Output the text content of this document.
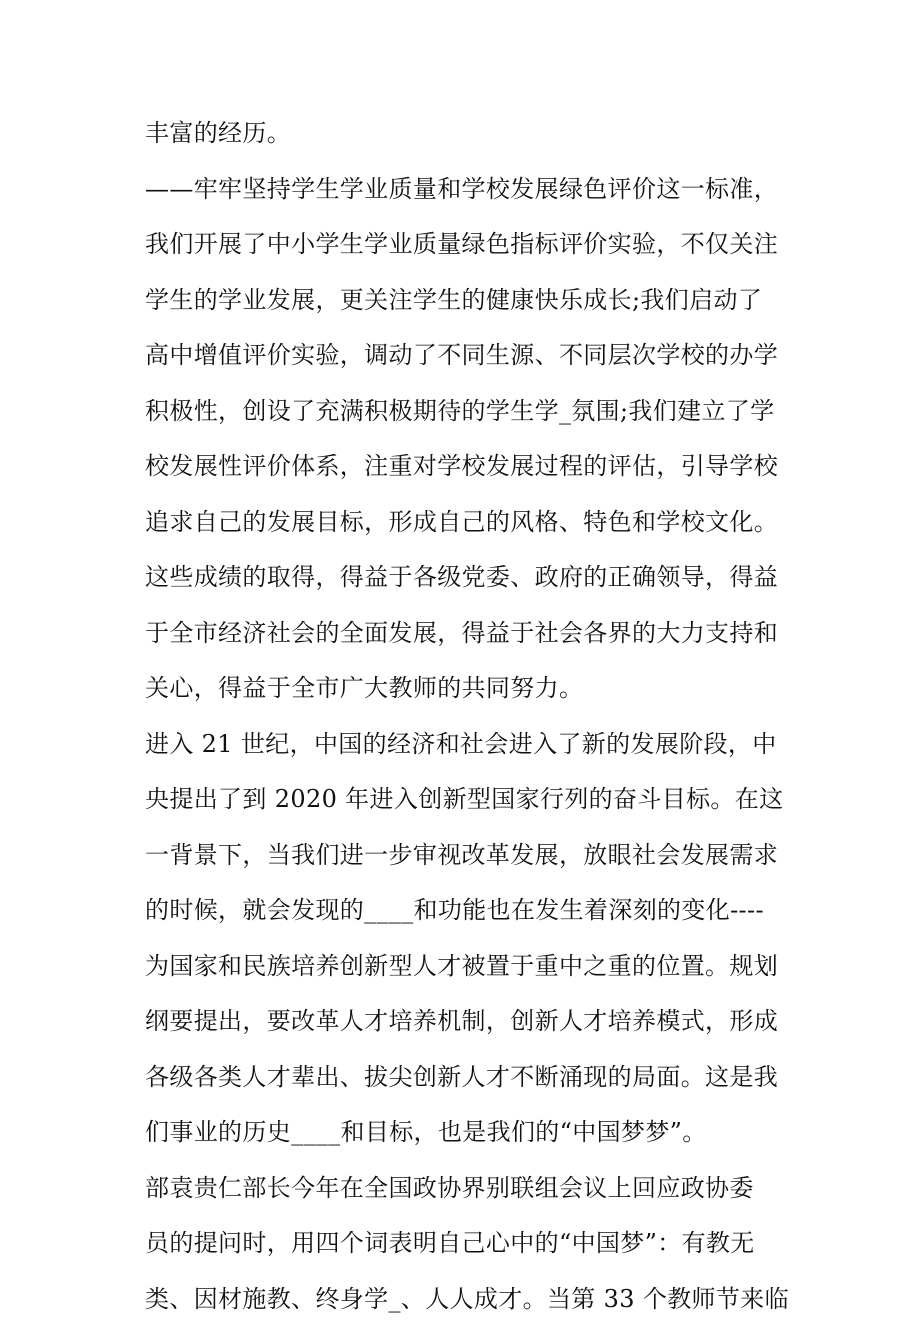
丰富的经历。
——牢牢坚持学生学业质量和学校发展绿色评价这一标准，
我们开展了中小学生学业质量绿色指标评价实验，不仅关注
学生的学业发展，更关注学生的健康快乐成长;我们启动了
高中增值评价实验，调动了不同生源、不同层次学校的办学
积极性，创设了充满积极期待的学生学_氛围;我们建立了学
校发展性评价体系，注重对学校发展过程的评估，引导学校
追求自己的发展目标，形成自己的风格、特色和学校文化。
这些成绩的取得，得益于各级党委、政府的正确领导，得益
于全市经济社会的全面发展，得益于社会各界的大力支持和
关心，得益于全市广大教师的共同努力。
进入 21 世纪，中国的经济和社会进入了新的发展阶段，中
央提出了到 2020 年进入创新型国家行列的奋斗目标。在这
一背景下，当我们进一步审视改革发展，放眼社会发展需求
的时候，就会发现的____和功能也在发生着深刻的变化----
为国家和民族培养创新型人才被置于重中之重的位置。规划
纲要提出，要改革人才培养机制，创新人才培养模式，形成
各级各类人才辈出、拔尖创新人才不断涌现的局面。这是我
们事业的历史____和目标，也是我们的“中国梦梦”。
部袁贵仁部长今年在全国政协界别联组会议上回应政协委
员的提问时，用四个词表明自己心中的“中国梦”：有教无
类、因材施教、终身学_、人人成才。当第 33 个教师节来临
